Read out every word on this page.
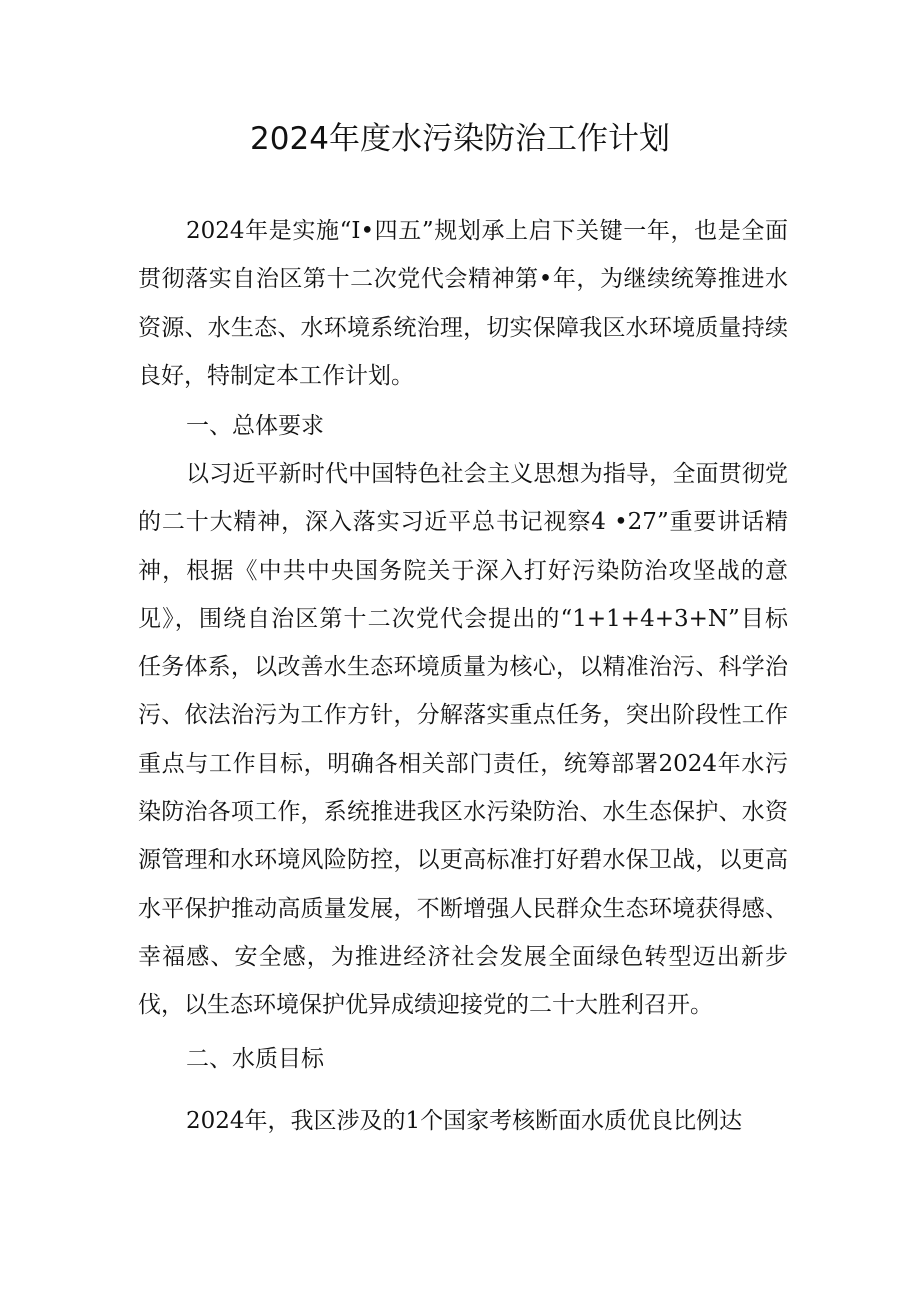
2024年度水污染防治工作计划

2024年是实施“I•四五”规划承上启下关键一年，也是全面贯彻落实自治区第十二次党代会精神第•年，为继续统筹推进水资源、水生态、水环境系统治理，切实保障我区水环境质量持续良好，特制定本工作计划。

一、总体要求

以习近平新时代中国特色社会主义思想为指导，全面贯彻党的二十大精神，深入落实习近平总书记视察4 •27”重要讲话精神，根据《中共中央国务院关于深入打好污染防治攻坚战的意见》，围绕自治区第十二次党代会提出的“1+1+4+3+N”目标任务体系，以改善水生态环境质量为核心，以精准治污、科学治污、依法治污为工作方针，分解落实重点任务，突出阶段性工作重点与工作目标，明确各相关部门责任，统筹部署2024年水污染防治各项工作，系统推进我区水污染防治、水生态保护、水资源管理和水环境风险防控，以更高标准打好碧水保卫战，以更高水平保护推动高质量发展，不断增强人民群众生态环境获得感、幸福感、安全感，为推进经济社会发展全面绿色转型迈出新步伐，以生态环境保护优异成绩迎接党的二十大胜利召开。

二、水质目标

2024年，我区涉及的1个国家考核断面水质优良比例达
